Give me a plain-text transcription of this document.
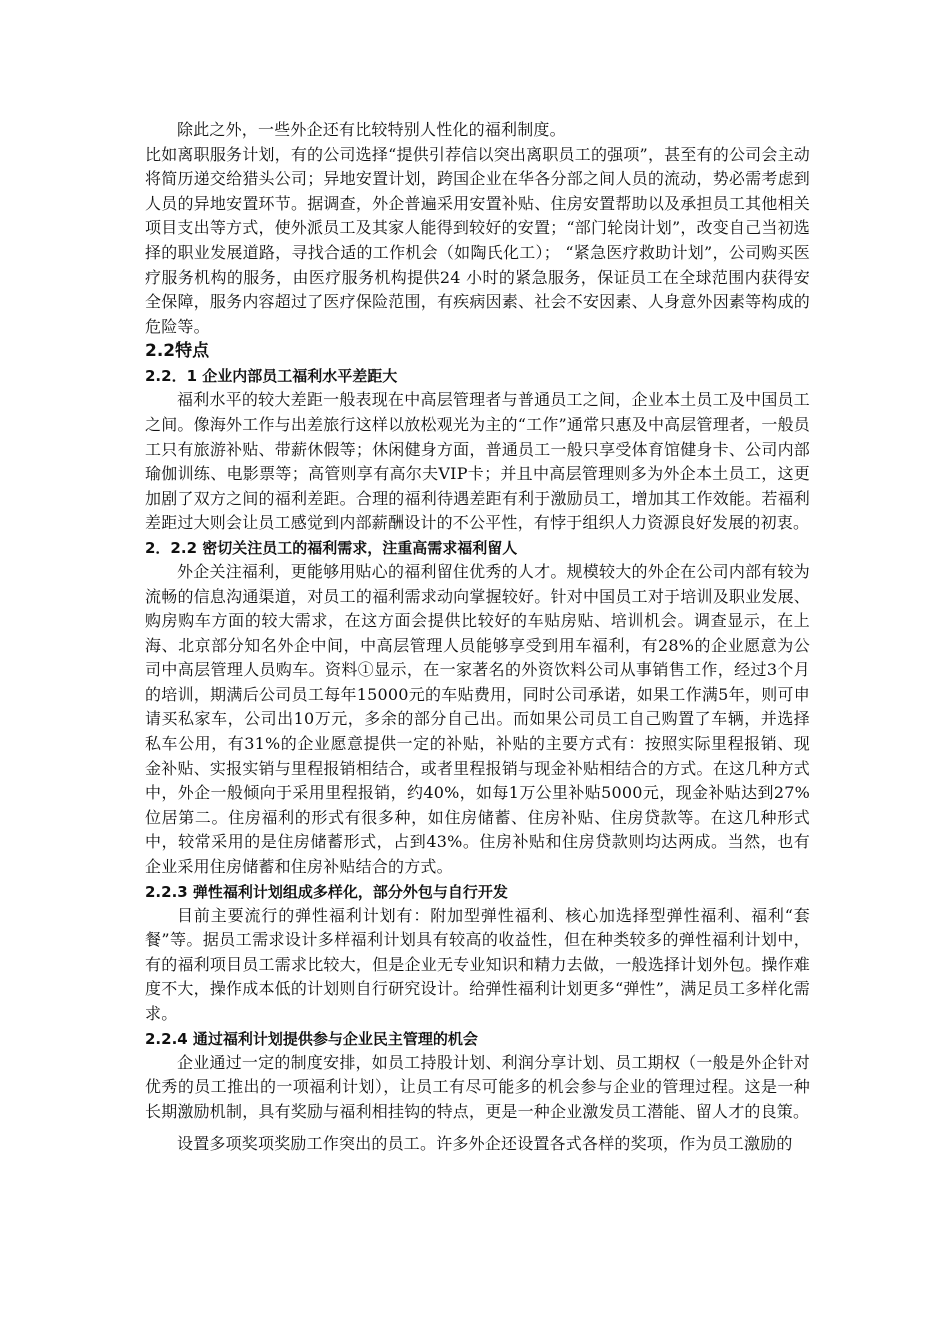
除此之外，一些外企还有比较特别人性化的福利制度。

比如离职服务计划，有的公司选择“提供引荐信以突出离职员工的强项”，甚至有的公司会主动将简历递交给猎头公司；异地安置计划，跨国企业在华各分部之间人员的流动，势必需考虑到人员的异地安置环节。据调查，外企普遍采用安置补贴、住房安置帮助以及承担员工其他相关项目支出等方式，使外派员工及其家人能得到较好的安置；“部门轮岗计划”，改变自己当初选择的职业发展道路，寻找合适的工作机会（如陶氏化工）； “紧急医疗救助计划”，公司购买医疗服务机构的服务，由医疗服务机构提供24 小时的紧急服务，保证员工在全球范围内获得安全保障，服务内容超过了医疗保险范围，有疾病因素、社会不安因素、人身意外因素等构成的危险等。

2.2特点
2.2．1 企业内部员工福利水平差距大

福利水平的较大差距一般表现在中高层管理者与普通员工之间，企业本土员工及中国员工之间。像海外工作与出差旅行这样以放松观光为主的“工作”通常只惠及中高层管理者，一般员工只有旅游补贴、带薪休假等；休闲健身方面，普通员工一般只享受体育馆健身卡、公司内部瑜伽训练、电影票等；高管则享有高尔夫VIP卡；并且中高层管理则多为外企本土员工，这更加剧了双方之间的福利差距。合理的福利待遇差距有利于激励员工，增加其工作效能。若福利差距过大则会让员工感觉到内部薪酬设计的不公平性，有悖于组织人力资源良好发展的初衷。

2．2.2 密切关注员工的福利需求，注重高需求福利留人

外企关注福利，更能够用贴心的福利留住优秀的人才。规模较大的外企在公司内部有较为流畅的信息沟通渠道，对员工的福利需求动向掌握较好。针对中国员工对于培训及职业发展、购房购车方面的较大需求，在这方面会提供比较好的车贴房贴、培训机会。调查显示，在上海、北京部分知名外企中间，中高层管理人员能够享受到用车福利，有28%的企业愿意为公司中高层管理人员购车。资料①显示，在一家著名的外资饮料公司从事销售工作，经过3个月的培训，期满后公司员工每年15000元的车贴费用，同时公司承诺，如果工作满5年，则可申请买私家车，公司出10万元，多余的部分自己出。而如果公司员工自己购置了车辆，并选择私车公用，有31%的企业愿意提供一定的补贴，补贴的主要方式有：按照实际里程报销、现金补贴、实报实销与里程报销相结合，或者里程报销与现金补贴相结合的方式。在这几种方式中，外企一般倾向于采用里程报销，约40%，如每1万公里补贴5000元，现金补贴达到27%位居第二。住房福利的形式有很多种，如住房储蓄、住房补贴、住房贷款等。在这几种形式中，较常采用的是住房储蓄形式，占到43%。住房补贴和住房贷款则均达两成。当然，也有企业采用住房储蓄和住房补贴结合的方式。

2.2.3 弹性福利计划组成多样化，部分外包与自行开发

目前主要流行的弹性福利计划有：附加型弹性福利、核心加选择型弹性福利、福利“套餐”等。据员工需求设计多样福利计划具有较高的收益性，但在种类较多的弹性福利计划中，有的福利项目员工需求比较大，但是企业无专业知识和精力去做，一般选择计划外包。操作难度不大，操作成本低的计划则自行研究设计。给弹性福利计划更多“弹性”，满足员工多样化需求。

2.2.4 通过福利计划提供参与企业民主管理的机会

企业通过一定的制度安排，如员工持股计划、利润分享计划、员工期权（一般是外企针对优秀的员工推出的一项福利计划），让员工有尽可能多的机会参与企业的管理过程。这是一种长期激励机制，具有奖励与福利相挂钩的特点，更是一种企业激发员工潜能、留人才的良策。

设置多项奖项奖励工作突出的员工。许多外企还设置各式各样的奖项，作为员工激励的
